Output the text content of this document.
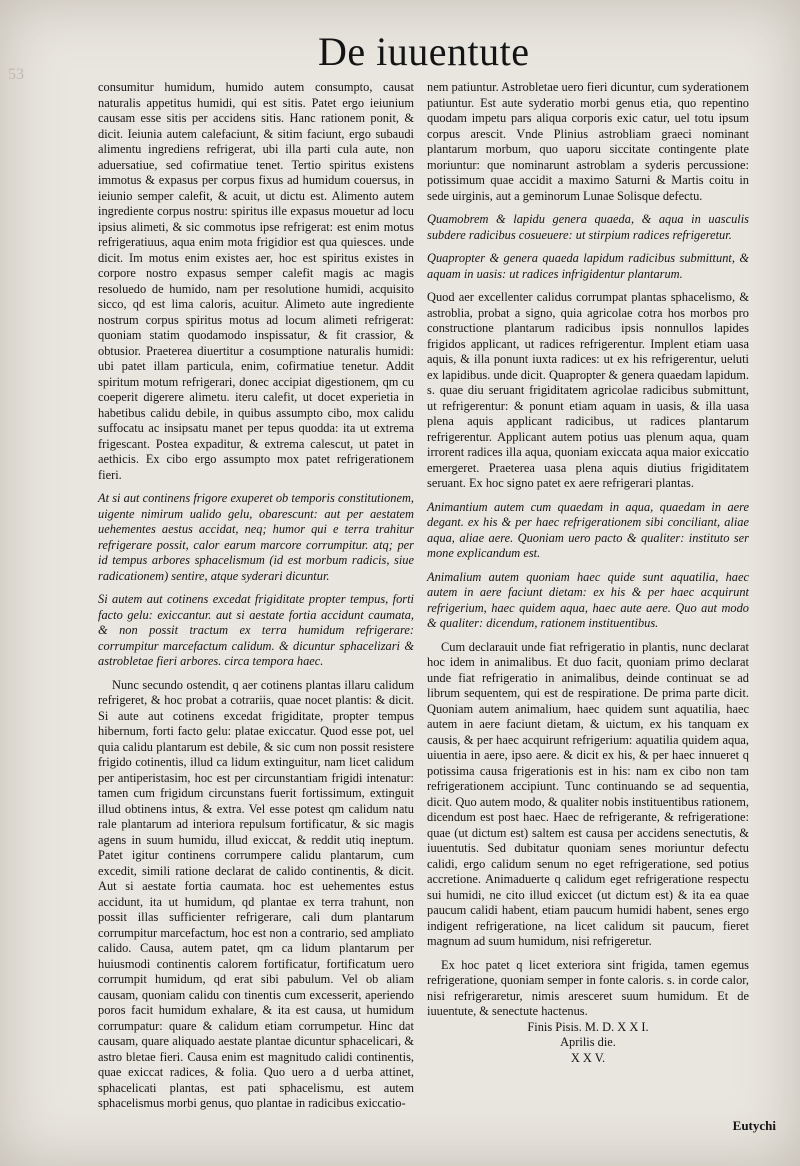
53
De iuuentute

consumitur humidum, humido autem consumpto, causat naturalis appetitus humidi, qui est sitis. Patet ergo ieiunium causam esse sitis per accidens sitis. Hanc rationem ponit, & dicit. Ieiunia autem calefaciunt, & sitim faciunt, ergo subaudi alimentu ingrediens refrigerat, ubi illa parti cula aute, non aduersatiue, sed cofirmatiue tenet. Tertio spiritus existens immotus & expasus per corpus fixus ad humidum couersus, in ieiunio semper calefit, & acuit, ut dictu est. Alimento autem ingrediente corpus nostru: spiritus ille expasus mouetur ad locu ipsius alimeti, & sic commotus ipse refrigerat: est enim motus refrigeratiuus, aqua enim mota frigidior est qua quiesces. unde dicit. Im motus enim existes aer, hoc est spiritus existes in corpore nostro expasus semper calefit magis ac magis resoluedo de humido, nam per resolutione humidi, acquisito sicco, qd est lima caloris, acuitur. Alimeto aute ingrediente nostrum corpus spiritus motus ad locum alimeti refrigerat: quoniam statim quodamodo inspissatur, & fit crassior, & obtusior. Praeterea diuertitur a cosumptione naturalis humidi: ubi patet illam particula, enim, cofirmatiue tenetur. Addit spiritum motum refrigerari, donec accipiat digestionem, qm cu coeperit digerere alimetu. iteru calefit, ut docet experietia in habetibus calidu debile, in quibus assumpto cibo, mox calidu suffocatu ac insipsatu manet per tepus quodda: ita ut extrema frigescant. Postea expaditur, & extrema calescut, ut patet in aethicis. Ex cibo ergo assumpto mox patet refrigerationem fieri.

At si aut continens frigore exuperet ob temporis constitutionem, uigente nimirum ualido gelu, obarescunt: aut per aestatem uehementes aestus accidat, neq; humor qui e terra trahitur refrigerare possit, calor earum marcore corrumpitur. atq; per id tempus arbores sphacelismum (id est morbum radicis, siue radicationem) sentire, atque syderari dicuntur.

Si autem aut cotinens excedat frigiditate propter tempus, forti facto gelu: exiccantur. aut si aestate fortia accidunt caumata, & non possit tractum ex terra humidum refrigerare: corrumpitur marcefactum calidum. & dicuntur sphacelizari & astrobletae fieri arbores. circa tempora haec.

Nunc secundo ostendit, q aer cotinens plantas illaru calidum refrigeret, & hoc probat a cotrariis, quae nocet plantis: & dicit. Si aute aut cotinens excedat frigiditate, propter tempus hibernum, forti facto gelu: platae exiccatur. Quod esse pot, uel quia calidu plantarum est debile, & sic cum non possit resistere frigido cotinentis, illud ca lidum extinguitur, nam licet calidum per antiperistasim, hoc est per circunstantiam frigidi intenatur: tamen cum frigidum circunstans fuerit fortissimum, extinguit illud obtinens intus, & extra. Vel esse potest qm calidum natu rale plantarum ad interiora repulsum fortificatur, & sic magis agens in suum humidu, illud exiccat, & reddit utiq ineptum. Patet igitur continens corrumpere calidu plantarum, cum excedit, simili ratione declarat de calido continentis, & dicit. Aut si aestate fortia caumata. hoc est uehementes estus accidunt, ita ut humidum, qd plantae ex terra trahunt, non possit illas sufficienter refrigerare, cali dum plantarum corrumpitur marcefactum, hoc est non a contrario, sed ampliato calido. Causa, autem patet, qm ca lidum plantarum per huiusmodi continentis calorem fortificatur, fortificatum uero corrumpit humidum, qd erat sibi pabulum. Vel ob aliam causam, quoniam calidu con tinentis cum excesserit, aperiendo poros facit humidum exhalare, & ita est causa, ut humidum corrumpatur: quare & calidum etiam corrumpetur. Hinc dat causam, quare aliquado aestate plantae dicuntur sphacelicari, & astro bletae fieri. Causa enim est magnitudo calidi continentis, quae exiccat radices, & folia. Quo uero a d uerba attinet, sphacelicati plantas, est pati sphacelismu, est autem sphacelismus morbi genus, quo plantae in radicibus exiccatio-

nem patiuntur. Astrobletae uero fieri dicuntur, cum syderationem patiuntur. Est aute syderatio morbi genus etia, quo repentino quodam impetu pars aliqua corporis exic catur, uel totu ipsum corpus arescit. Vnde Plinius astrobliam graeci nominant plantarum morbum, quo uaporu siccitate contingente plate moriuntur: que nominarunt astroblam a syderis percussione: potissimum quae accidit a maximo Saturni & Martis coitu in sede uirginis, aut a geminorum Lunae Solisque defectu.

Quamobrem & lapidu genera quaeda, & aqua in uasculis subdere radicibus cosueuere: ut stirpium radices refrigeretur.

Quapropter & genera quaeda lapidum radicibus submittunt, & aquam in uasis: ut radices infrigidentur plantarum.

Quod aer excellenter calidus corrumpat plantas sphacelismo, & astroblia, probat a signo, quia agricolae cotra hos morbos pro constructione plantarum radicibus ipsis nonnullos lapides frigidos applicant, ut radices refrigerentur. Implent etiam uasa aquis, & illa ponunt iuxta radices: ut ex his refrigerentur, ueluti ex lapidibus. unde dicit. Quapropter & genera quaedam lapidum. s. quae diu seruant frigiditatem agricolae radicibus submittunt, ut refrigerentur: & ponunt etiam aquam in uasis, & illa uasa plena aquis applicant radicibus, ut radices plantarum refrigerentur. Applicant autem potius uas plenum aqua, quam irrorent radices illa aqua, quoniam exiccata aqua maior exiccatio emergeret. Praeterea uasa plena aquis diutius frigiditatem seruant. Ex hoc signo patet ex aere refrigerari plantas.

Animantium autem cum quaedam in aqua, quaedam in aere degant. ex his & per haec refrigerationem sibi conciliant, aliae aqua, aliae aere. Quoniam uero pacto & qualiter: instituto ser mone explicandum est.

Animalium autem quoniam haec quide sunt aquatilia, haec autem in aere faciunt dietam: ex his & per haec acquirunt refrigerium, haec quidem aqua, haec aute aere. Quo aut modo & qualiter: dicendum, rationem instituentibus.

Cum declarauit unde fiat refrigeratio in plantis, nunc declarat hoc idem in animalibus. Et duo facit, quoniam primo declarat unde fiat refrigeratio in animalibus, deinde continuat se ad librum sequentem, qui est de respiratione. De prima parte dicit. Quoniam autem animalium, haec quidem sunt aquatilia, haec autem in aere faciunt dietam, & uictum, ex his tanquam ex causis, & per haec acquirunt refrigerium: aquatilia quidem aqua, uiuentia in aere, ipso aere. & dicit ex his, & per haec innueret q potissima causa frigerationis est in his: nam ex cibo non tam refrigerationem accipiunt. Tunc continuando se ad sequentia, dicit. Quo autem modo, & qualiter nobis instituentibus rationem, dicendum est post haec. Haec de refrigerante, & refrigeratione: quae (ut dictum est) saltem est causa per accidens senectutis, & iuuentutis. Sed dubitatur quoniam senes moriuntur defectu calidi, ergo calidum senum no eget refrigeratione, sed potius accretione. Animaduerte q calidum eget refrigeratione respectu sui humidi, ne cito illud exiccet (ut dictum est) & ita ea quae paucum calidi habent, etiam paucum humidi habent, senes ergo indigent refrigeratione, na licet calidum sit paucum, fieret magnum ad suum humidum, nisi refrigeretur.

Ex hoc patet q licet exteriora sint frigida, tamen egemus refrigeratione, quoniam semper in fonte caloris. s. in corde calor, nisi refrigeraretur, nimis aresceret suum humidum. Et de iuuentute, & senectute hactenus.

Finis Pisis. M. D. X X I.

Aprilis die.

X X V.

Eutychi
